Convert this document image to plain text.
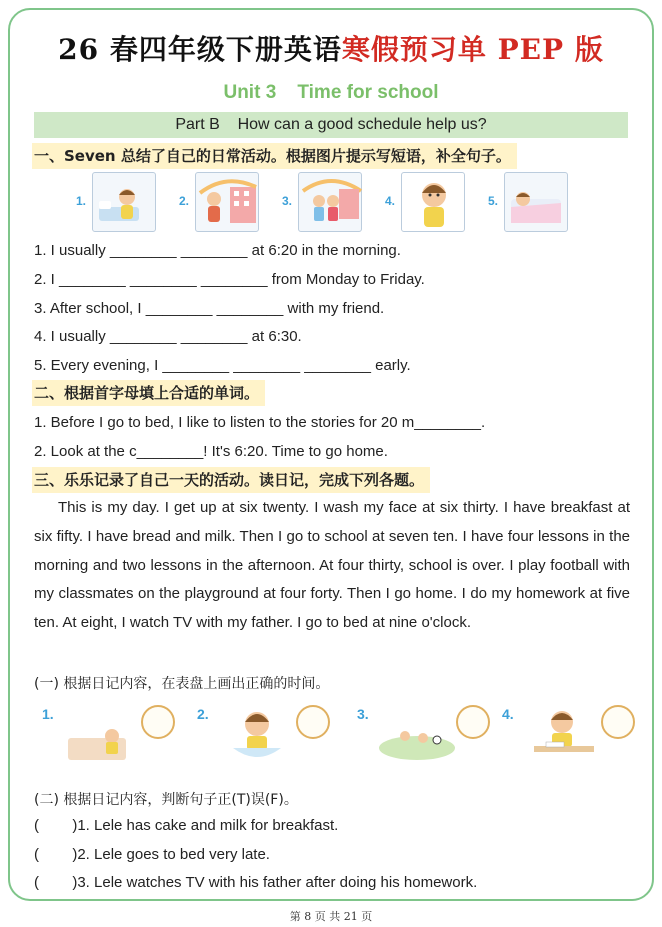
26 春四年级下册英语寒假预习单 PEP 版
Unit 3    Time for school
Part B    How can a good schedule help us?
一、Seven 总结了自己的日常活动。根据图片提示写短语，补全句子。
1.	2.	3.	4.	5.
1. I usually ________ ________ at 6:20 in the morning.
2. I ________ ________ ________ from Monday to Friday.
3. After school, I ________ ________ with my friend.
4. I usually ________ ________ at 6:30.
5. Every evening, I ________ ________ ________ early.
二、根据首字母填上合适的单词。
1. Before I go to bed, I like to listen to the stories for 20 m________.
2. Look at the c________! It's 6:20. Time to go home.
三、乐乐记录了自己一天的活动。读日记，完成下列各题。
This is my day. I get up at six twenty. I wash my face at six thirty. I have breakfast at six fifty. I have bread and milk. Then I go to school at seven ten. I have four lessons in the morning and two lessons in the afternoon. At four thirty, school is over. I play football with my classmates on the playground at four forty. Then I go home. I do my homework at five ten. At eight, I watch TV with my father. I go to bed at nine o'clock.
(一) 根据日记内容，在表盘上画出正确的时间。
1.	2.	3.	4.
(二) 根据日记内容，判断句子正(T)误(F)。
(        )1. Lele has cake and milk for breakfast.
(        )2. Lele goes to bed very late.
(        )3. Lele watches TV with his father after doing his homework.
第 8 页 共 21 页
